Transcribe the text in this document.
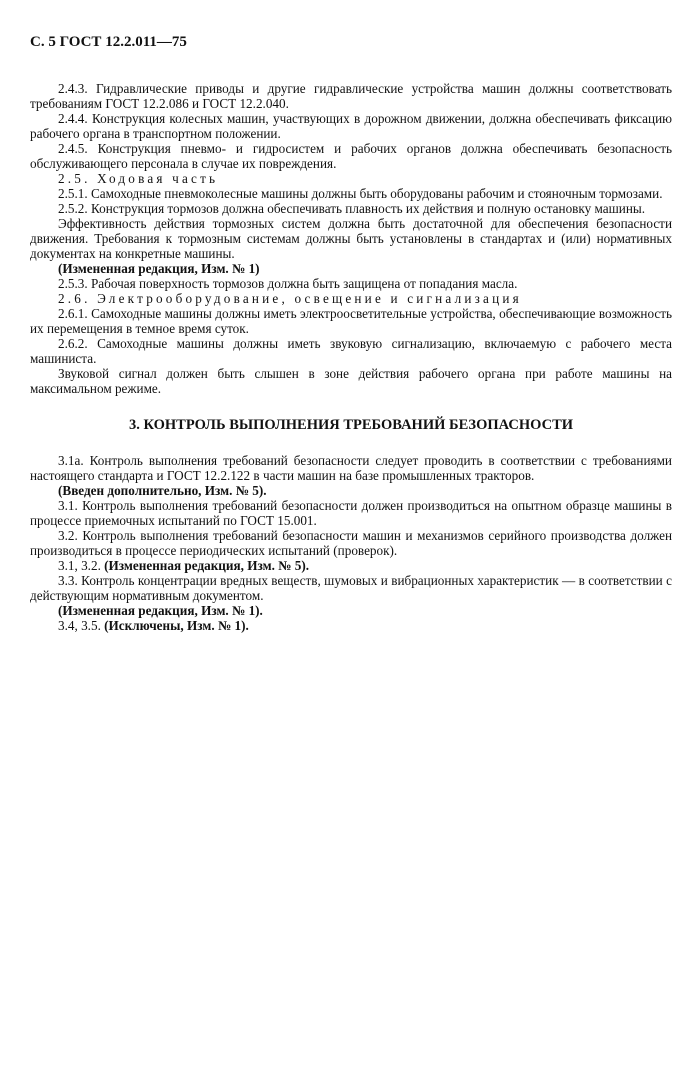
С. 5 ГОСТ 12.2.011—75

2.4.3. Гидравлические приводы и другие гидравлические устройства машин должны соответствовать требованиям ГОСТ 12.2.086 и ГОСТ 12.2.040.

2.4.4. Конструкция колесных машин, участвующих в дорожном движении, должна обеспечивать фиксацию рабочего органа в транспортном положении.

2.4.5. Конструкция пневмо- и гидросистем и рабочих органов должна обеспечивать безопасность обслуживающего персонала в случае их повреждения.

2.5. Ходовая часть

2.5.1. Самоходные пневмоколесные машины должны быть оборудованы рабочим и стояночным тормозами.

2.5.2. Конструкция тормозов должна обеспечивать плавность их действия и полную остановку машины.

Эффективность действия тормозных систем должна быть достаточной для обеспечения безопасности движения. Требования к тормозным системам должны быть установлены в стандартах и (или) нормативных документах на конкретные машины.

(Измененная редакция, Изм. № 1)

2.5.3. Рабочая поверхность тормозов должна быть защищена от попадания масла.

2.6. Электрооборудование, освещение и сигнализация

2.6.1. Самоходные машины должны иметь электроосветительные устройства, обеспечивающие возможность их перемещения в темное время суток.

2.6.2. Самоходные машины должны иметь звуковую сигнализацию, включаемую с рабочего места машиниста.

Звуковой сигнал должен быть слышен в зоне действия рабочего органа при работе машины на максимальном режиме.

3. КОНТРОЛЬ ВЫПОЛНЕНИЯ ТРЕБОВАНИЙ БЕЗОПАСНОСТИ

3.1а. Контроль выполнения требований безопасности следует проводить в соответствии с требованиями настоящего стандарта и ГОСТ 12.2.122 в части машин на базе промышленных тракторов.

(Введен дополнительно, Изм. № 5).

3.1. Контроль выполнения требований безопасности должен производиться на опытном образце машины в процессе приемочных испытаний по ГОСТ 15.001.

3.2. Контроль выполнения требований безопасности машин и механизмов серийного производства должен производиться в процессе периодических испытаний (проверок).

3.1, 3.2. (Измененная редакция, Изм. № 5).

3.3. Контроль концентрации вредных веществ, шумовых и вибрационных характеристик — в соответствии с действующим нормативным документом.

(Измененная редакция, Изм. № 1).

3.4, 3.5. (Исключены, Изм. № 1).
